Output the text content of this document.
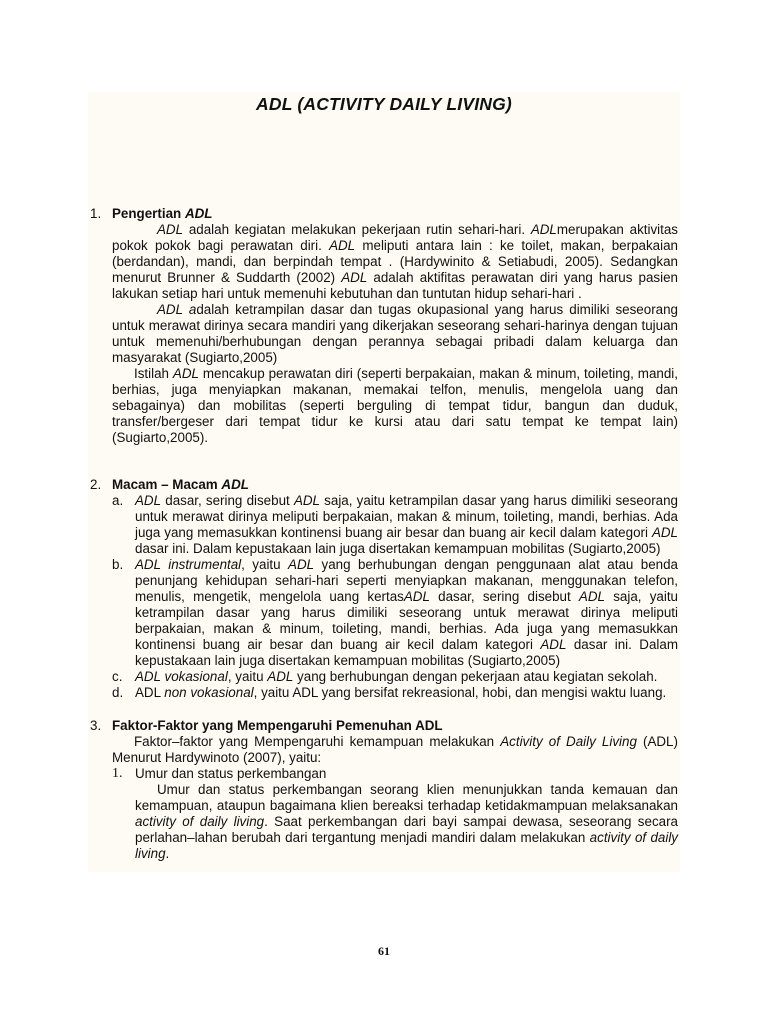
ADL (ACTIVITY DAILY LIVING)
1. Pengertian ADL

ADL adalah kegiatan melakukan pekerjaan rutin sehari-hari. ADLmerupakan aktivitas pokok pokok bagi perawatan diri. ADL meliputi antara lain : ke toilet, makan, berpakaian (berdandan), mandi, dan berpindah tempat . (Hardywinito & Setiabudi, 2005). Sedangkan menurut Brunner & Suddarth (2002) ADL adalah aktifitas perawatan diri yang harus pasien lakukan setiap hari untuk memenuhi kebutuhan dan tuntutan hidup sehari-hari .

ADL adalah ketrampilan dasar dan tugas okupasional yang harus dimiliki seseorang untuk merawat dirinya secara mandiri yang dikerjakan seseorang sehari-harinya dengan tujuan untuk memenuhi/berhubungan dengan perannya sebagai pribadi dalam keluarga dan masyarakat (Sugiarto,2005)

Istilah ADL mencakup perawatan diri (seperti berpakaian, makan & minum, toileting, mandi, berhias, juga menyiapkan makanan, memakai telfon, menulis, mengelola uang dan sebagainya) dan mobilitas (seperti berguling di tempat tidur, bangun dan duduk, transfer/bergeser dari tempat tidur ke kursi atau dari satu tempat ke tempat lain) (Sugiarto,2005).

2. Macam – Macam ADL
a. ADL dasar, sering disebut ADL saja, yaitu ketrampilan dasar yang harus dimiliki seseorang untuk merawat dirinya meliputi berpakaian, makan & minum, toileting, mandi, berhias. Ada juga yang memasukkan kontinensi buang air besar dan buang air kecil dalam kategori ADL dasar ini. Dalam kepustakaan lain juga disertakan kemampuan mobilitas (Sugiarto,2005)
b. ADL instrumental, yaitu ADL yang berhubungan dengan penggunaan alat atau benda penunjang kehidupan sehari-hari seperti menyiapkan makanan, menggunakan telefon, menulis, mengetik, mengelola uang kertasADL dasar, sering disebut ADL saja, yaitu ketrampilan dasar yang harus dimiliki seseorang untuk merawat dirinya meliputi berpakaian, makan & minum, toileting, mandi, berhias. Ada juga yang memasukkan kontinensi buang air besar dan buang air kecil dalam kategori ADL dasar ini. Dalam kepustakaan lain juga disertakan kemampuan mobilitas (Sugiarto,2005)
c. ADL vokasional, yaitu ADL yang berhubungan dengan pekerjaan atau kegiatan sekolah.
d. ADL non vokasional, yaitu ADL yang bersifat rekreasional, hobi, dan mengisi waktu luang.
3. Faktor-Faktor yang Mempengaruhi Pemenuhan ADL

Faktor–faktor yang Mempengaruhi kemampuan melakukan Activity of Daily Living (ADL) Menurut Hardywinoto (2007), yaitu:

1. Umur dan status perkembangan

Umur dan status perkembangan seorang klien menunjukkan tanda kemauan dan kemampuan, ataupun bagaimana klien bereaksi terhadap ketidakmampuan melaksanakan activity of daily living. Saat perkembangan dari bayi sampai dewasa, seseorang secara perlahan–lahan berubah dari tergantung menjadi mandiri dalam melakukan activity of daily living.

61
